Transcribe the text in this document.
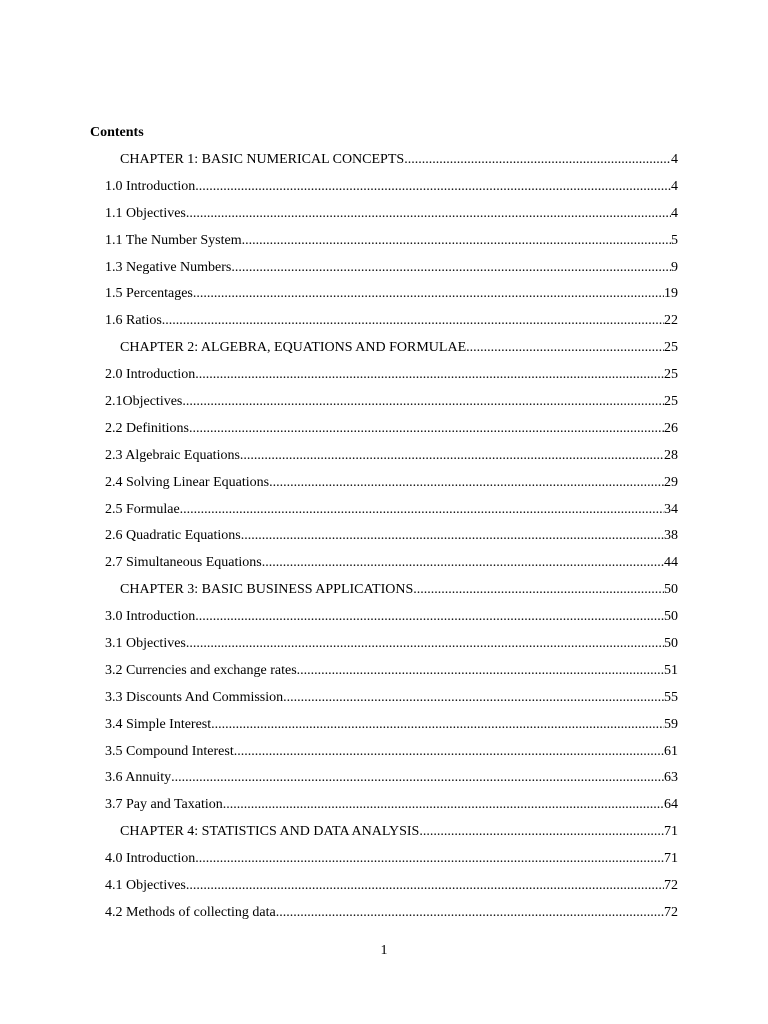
Contents
CHAPTER 1: BASIC NUMERICAL CONCEPTS .....	4
1.0 Introduction .....	4
1.1 Objectives .....	4
1.1 The Number System .....	5
1.3 Negative Numbers .....	9
1.5 Percentages .....	19
1.6 Ratios .....	22
CHAPTER 2: ALGEBRA, EQUATIONS AND FORMULAE .....	25
2.0 Introduction .....	25
2.1Objectives .....	25
2.2 Definitions .....	26
2.3 Algebraic Equations .....	28
2.4 Solving Linear Equations .....	29
2.5 Formulae .....	34
2.6 Quadratic Equations .....	38
2.7 Simultaneous Equations .....	44
CHAPTER 3: BASIC BUSINESS APPLICATIONS .....	50
3.0 Introduction .....	50
3.1 Objectives .....	50
3.2 Currencies and exchange rates .....	51
3.3 Discounts And Commission .....	55
3.4 Simple Interest .....	59
3.5 Compound Interest .....	61
3.6 Annuity .....	63
3.7 Pay and Taxation .....	64
CHAPTER 4: STATISTICS AND DATA ANALYSIS .....	71
4.0 Introduction .....	71
4.1 Objectives .....	72
4.2 Methods of collecting data .....	72
1
